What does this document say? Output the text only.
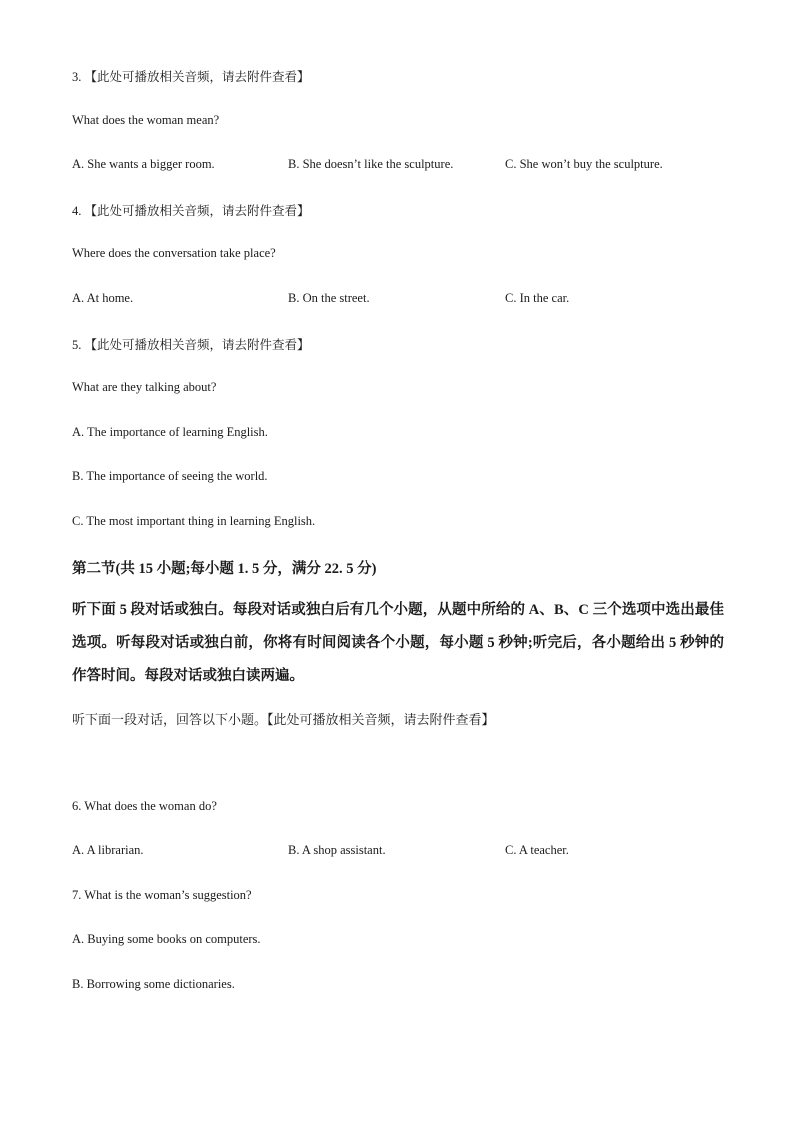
3. 【此处可播放相关音频，请去附件查看】
What does the woman mean?
A. She wants a bigger room.	B. She doesn’t like the sculpture.	C. She won’t buy the sculpture.
4. 【此处可播放相关音频，请去附件查看】
Where does the conversation take place?
A. At home.	B. On the street.	C. In the car.
5. 【此处可播放相关音频，请去附件查看】
What are they talking about?
A. The importance of learning English.
B. The importance of seeing the world.
C. The most important thing in learning English.
第二节(共 15 小题;每小题 1. 5 分，满分 22. 5 分)
听下面 5 段对话或独白。每段对话或独白后有几个小题，从题中所给的 A、B、C 三个选项中选出最佳选项。听每段对话或独白前，你将有时间阅读各个小题，每小题 5 秒钟;听完后，各小题给出 5 秒钟的作答时间。每段对话或独白读两遍。
听下面一段对话，回答以下小题。【此处可播放相关音频，请去附件查看】
6. What does the woman do?
A. A librarian.	B. A shop assistant.	C. A teacher.
7. What is the woman’s suggestion?
A. Buying some books on computers.
B. Borrowing some dictionaries.
